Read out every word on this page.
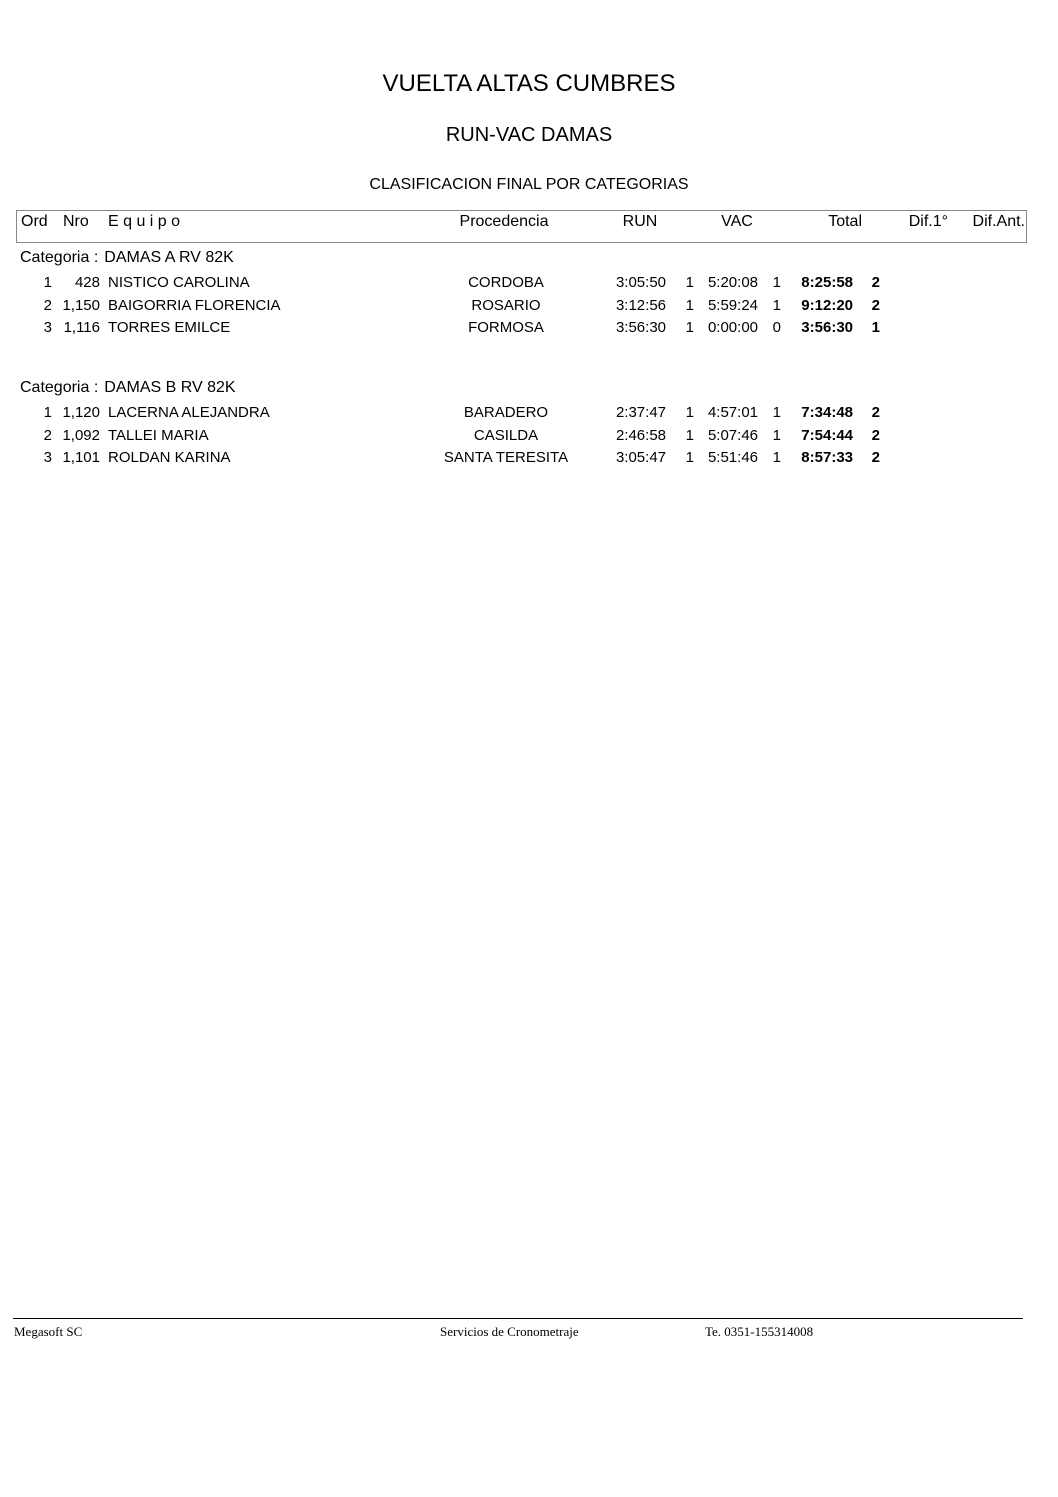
VUELTA ALTAS CUMBRES
RUN-VAC DAMAS
CLASIFICACION FINAL POR CATEGORIAS
Ord Nro E q u i p o	Procedencia	RUN	VAC	Total	Dif.1°	Dif.Ant.
Categoria : DAMAS A RV 82K
1	428 NISTICO CAROLINA	CORDOBA	3:05:50	1 5:20:08 1	8:25:58	2
2 1,150 BAIGORRIA FLORENCIA	ROSARIO	3:12:56	1 5:59:24 1	9:12:20	2
3 1,116 TORRES EMILCE	FORMOSA	3:56:30	1 0:00:00 0	3:56:30	1
Categoria : DAMAS B RV 82K
1 1,120 LACERNA ALEJANDRA	BARADERO	2:37:47	1 4:57:01 1	7:34:48	2
2 1,092 TALLEI MARIA	CASILDA	2:46:58	1 5:07:46 1	7:54:44	2
3 1,101 ROLDAN KARINA	SANTA TERESITA	3:05:47	1 5:51:46 1	8:57:33	2
Megasoft SC	Servicios de Cronometraje	Te. 0351-155314008
